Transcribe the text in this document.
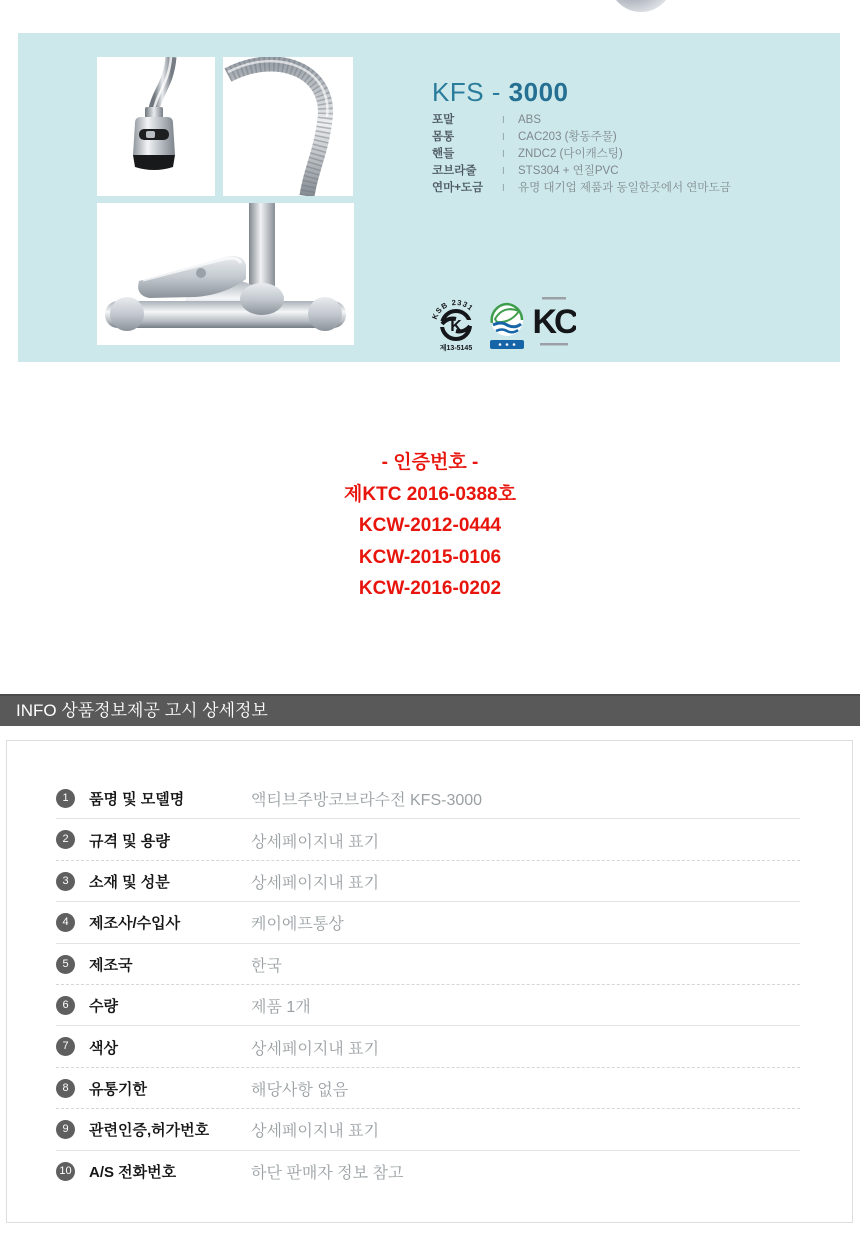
KFS - 3000
포말	I	ABS
몸통	I	CAC203 (황동주물)
핸들	I	ZNDC2 (다이캐스팅)
코브라줄	I	STS304 + 연질PVC
연마+도금	I	유명 대기업 제품과 동일한곳에서 연마도금
KSB 2331
K
제13-5145
KC
- 인증번호 -
제KTC 2016-0388호
KCW-2012-0444
KCW-2015-0106
KCW-2016-0202
INFO 상품정보제공 고시 상세정보
1	품명 및 모델명	액티브주방코브라수전 KFS-3000
2	규격 및 용량	상세페이지내 표기
3	소재 및 성분	상세페이지내 표기
4	제조사/수입사	케이에프통상
5	제조국	한국
6	수량	제품 1개
7	색상	상세페이지내 표기
8	유통기한	해당사항 없음
9	관련인증,허가번호	상세페이지내 표기
10 A/S 전화번호	하단 판매자 정보 참고
